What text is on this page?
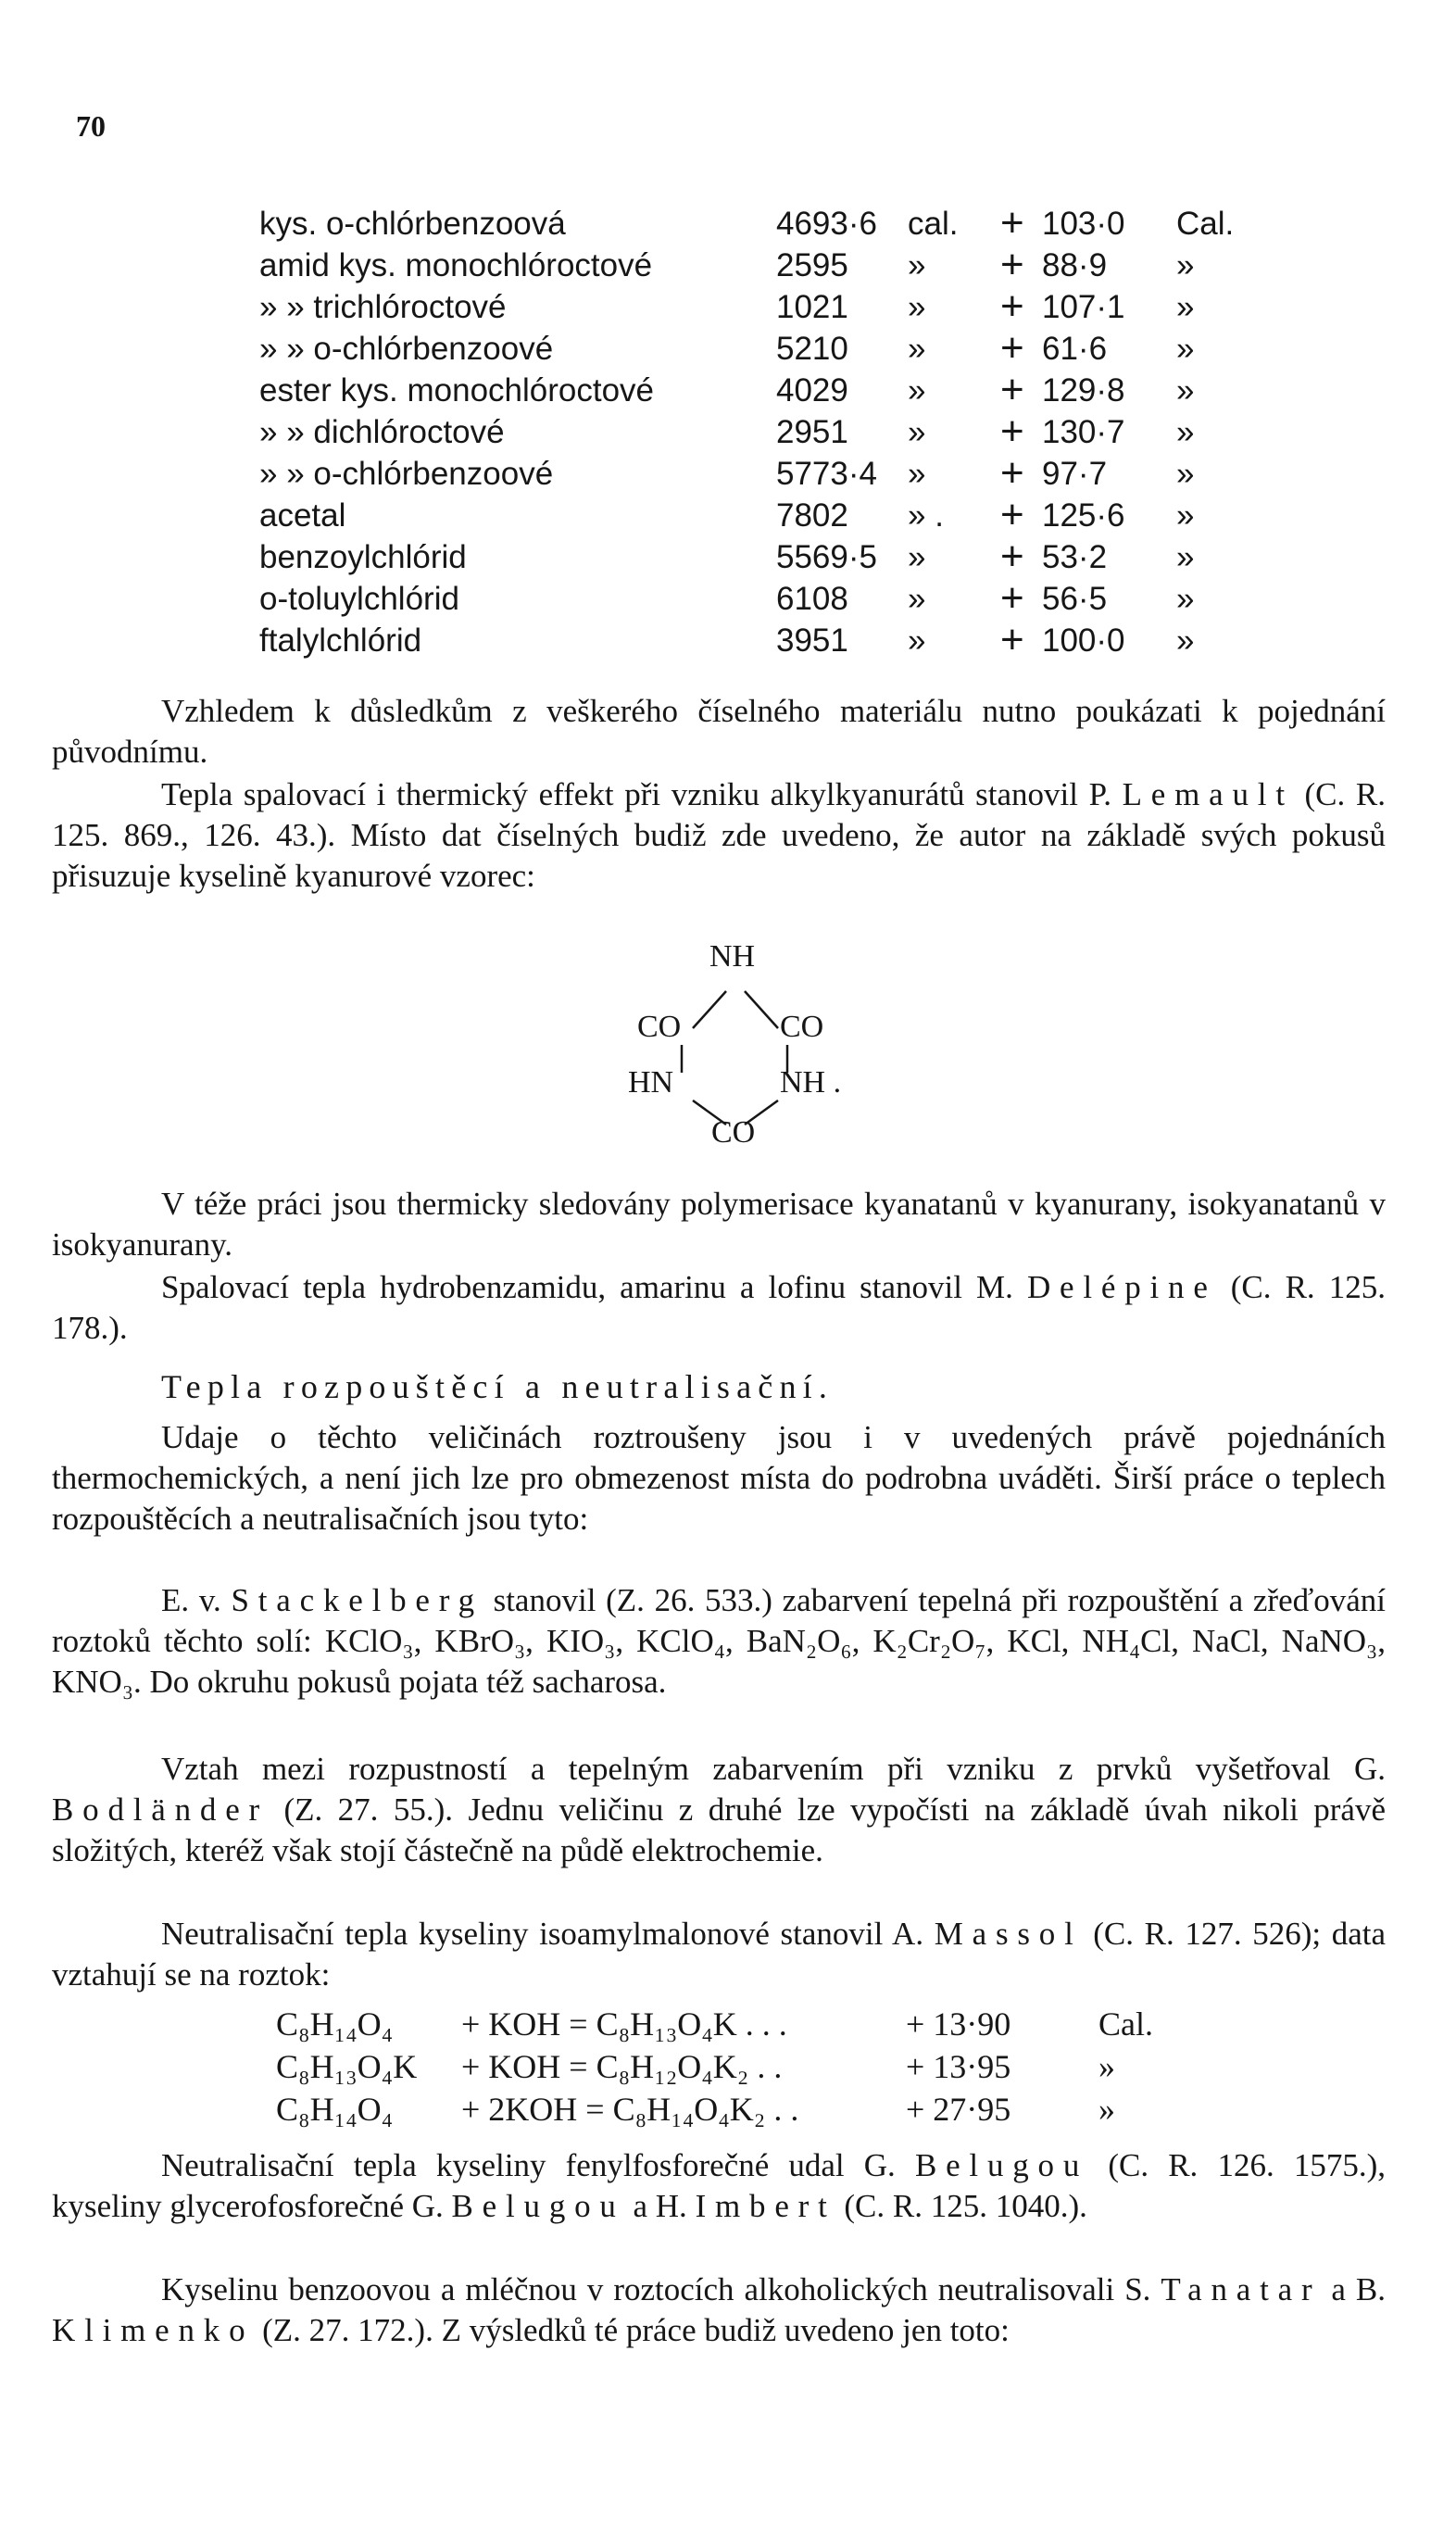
70
kys. o-chlórbenzoová	4693·6 cal. + 103·0 Cal.
amid kys. monochlóroctové	2595 » + 88·9 »
» » trichlóroctové	1021 » + 107·1 »
» » o-chlórbenzoové	5210 » + 61·6 »
ester kys. monochlóroctové	4029 » + 129·8 »
» » dichlóroctové	2951 » + 130·7 »
» » o-chlórbenzoové	5773·4 » + 97·7 »
acetal	7802 » . + 125·6 »
benzoylchlórid	5569·5 » + 53·2 »
o-toluylchlórid	6108 » + 56·5 »
ftalylchlórid	3951 » + 100·0 »
Vzhledem k důsledkům z veškerého číselného materiálu nutno poukázati k pojednání původnímu.
Tepla spalovací i thermický effekt při vzniku alkylkyanurátů stanovil P. Lemault (C. R. 125. 869., 126. 43.). Místo dat číselných budiž zde uvedeno, že autor na základě svých pokusů přisuzuje kyselině kyanurové vzorec:
NH
CO	CO
HN	NH .
CO
V téže práci jsou thermicky sledovány polymerisace kyanatanů v kyanurany, isokyanatanů v isokyanurany.
Spalovací tepla hydrobenzamidu, amarinu a lofinu stanovil M. Delépine (C. R. 125. 178.).
Tepla rozpouštěcí a neutralisační.
Udaje o těchto veličinách roztroušeny jsou i v uvedených právě pojednáních thermochemických, a není jich lze pro obmezenost místa do podrobna uváděti. Širší práce o teplech rozpouštěcích a neutralisačních jsou tyto:
E. v. Stackelberg stanovil (Z. 26. 533.) zabarvení tepelná při rozpouštění a zřeďování roztoků těchto solí: KClO₃, KBrO₃, KIO₃, KClO₄, BaN₂O₆, K₂Cr₂O₇, KCl, NH₄Cl, NaCl, NaNO₃, KNO₃. Do okruhu pokusů pojata též sacharosa.
Vztah mezi rozpustností a tepelným zabarvením při vzniku z prvků vyšetřoval G. Bodländer (Z. 27. 55.). Jednu veličinu z druhé lze vypočísti na základě úvah nikoli právě složitých, kteréž však stojí částečně na půdě elektrochemie.
Neutralisační tepla kyseliny isoamylmalonové stanovil A. Massol (C. R. 127. 526); data vztahují se na roztok:
C₈H₁₄O₄ + KOH = C₈H₁₃O₄K . . .	+ 13·90	Cal.
C₈H₁₃O₄K + KOH = C₈H₁₂O₄K₂ . .	+ 13·95	»
C₈H₁₄O₄ + 2KOH = C₈H₁₄O₄K₂ . .	+ 27·95	»
Neutralisační tepla kyseliny fenylfosforečné udal G. Belugou (C. R. 126. 1575.), kyseliny glycerofosforečné G. Belugou a H. Imbert (C. R. 125. 1040.).
Kyselinu benzoovou a mléčnou v roztocích alkoholických neutralisovali S. Tanatar a B. Klimenko (Z. 27. 172.). Z výsledků té práce budiž uvedeno jen toto:
